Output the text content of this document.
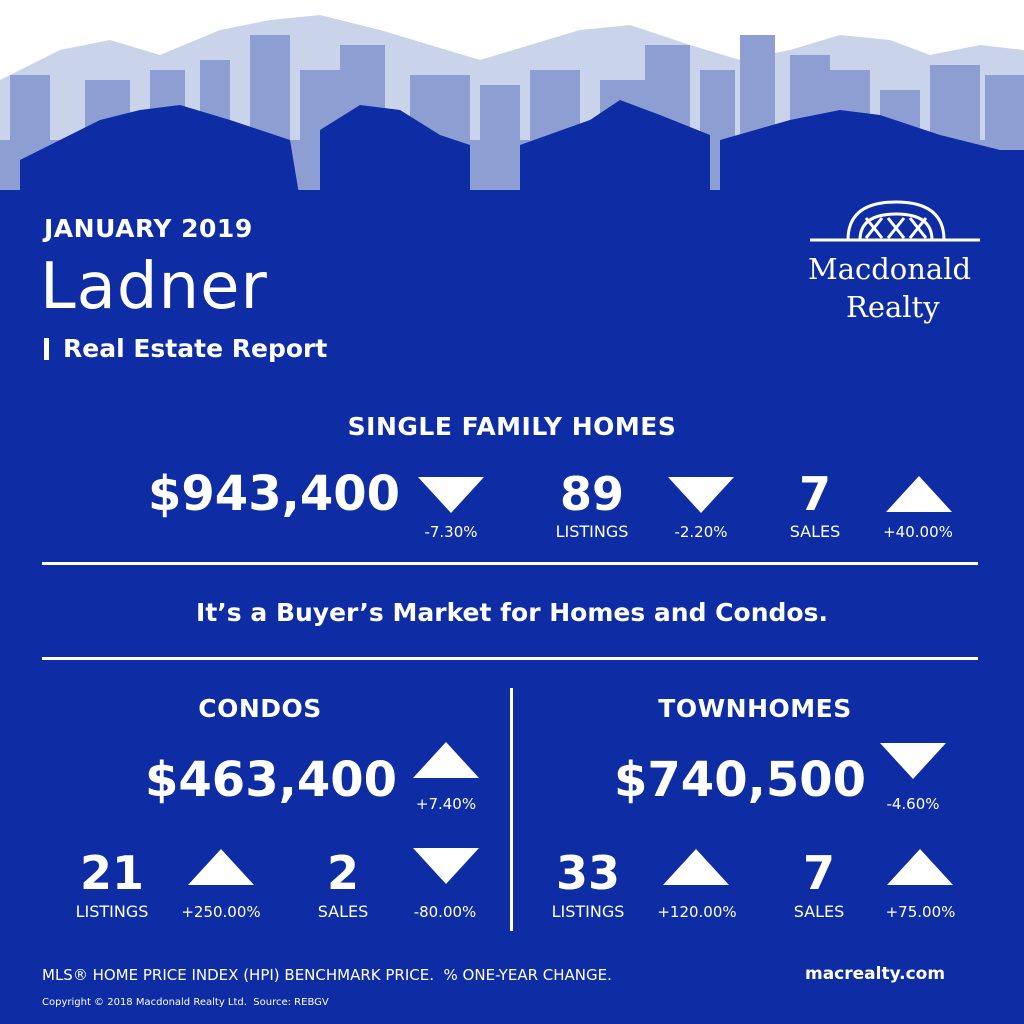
JANUARY 2019
Ladner
Real Estate Report
Macdonald
Realty
SINGLE FAMILY HOMES
$943,400
-7.30%
89
LISTINGS	-2.20%
7
SALES	+40.00%
It’s a Buyer’s Market for Homes and Condos.
CONDOS
$463,400	+7.40%
21
LISTINGS	+250.00%
2
SALES	-80.00%
TOWNHOMES
$740,500	-4.60%
33
LISTINGS	+120.00%
7
SALES	+75.00%
MLS® HOME PRICE INDEX (HPI) BENCHMARK PRICE.  % ONE-YEAR CHANGE.	macrealty.com
Copyright © 2018 Macdonald Realty Ltd.  Source: REBGV
